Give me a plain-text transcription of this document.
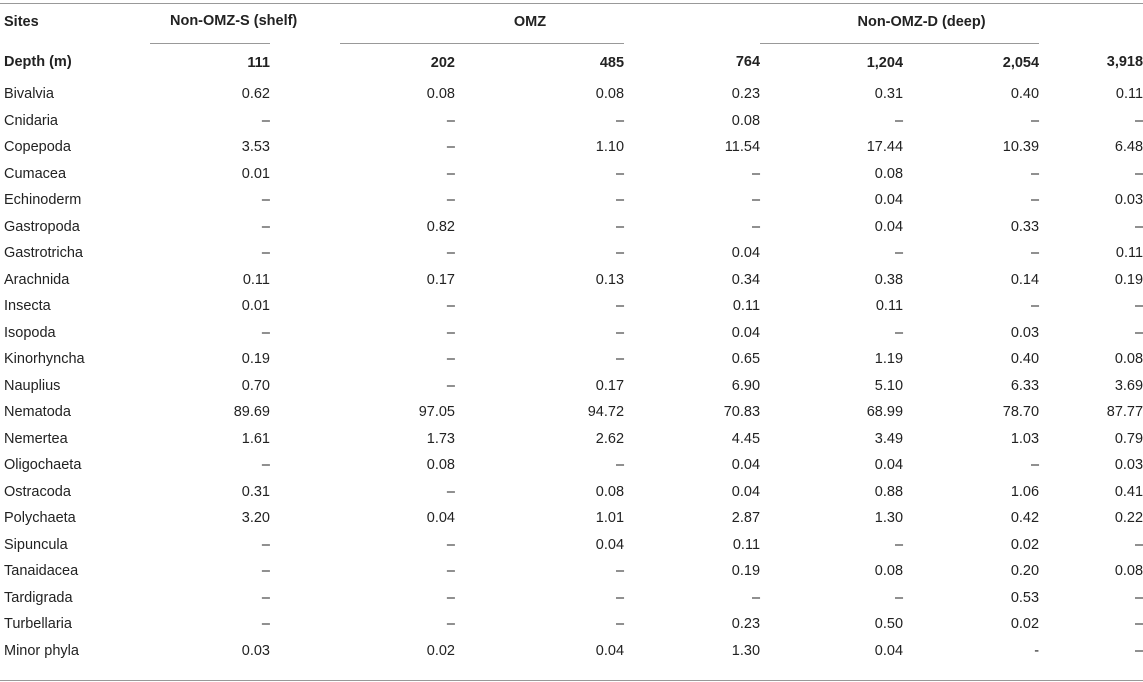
Sites	Non-OMZ-S (shelf)		OMZ				Non-OMZ-D (deep)		
Depth (m)	111		202		485	764		1,204	2,054	3,918
Bivalvia	0.62		0.08		0.08	0.23		0.31	0.40	0.11
Cnidaria	–		–		–	0.08		–	–	–
Copepoda	3.53		–		1.10	11.54		17.44	10.39	6.48
Cumacea	0.01		–		–	–		0.08	–	–
Echinoderm	–		–		–	–		0.04	–	0.03
Gastropoda	–		0.82		–	–		0.04	0.33	–
Gastrotricha	–		–		–	0.04		–	–	0.11
Arachnida	0.11		0.17		0.13	0.34		0.38	0.14	0.19
Insecta	0.01		–		–	0.11		0.11	–	–
Isopoda	–		–		–	0.04		–	0.03	–
Kinorhyncha	0.19		–		–	0.65		1.19	0.40	0.08
Nauplius	0.70		–		0.17	6.90		5.10	6.33	3.69
Nematoda	89.69		97.05		94.72	70.83		68.99	78.70	87.77
Nemertea	1.61		1.73		2.62	4.45		3.49	1.03	0.79
Oligochaeta	–		0.08		–	0.04		0.04	–	0.03
Ostracoda	0.31		–		0.08	0.04		0.88	1.06	0.41
Polychaeta	3.20		0.04		1.01	2.87		1.30	0.42	0.22
Sipuncula	–		–		0.04	0.11		–	0.02	–
Tanaidacea	–		–		–	0.19		0.08	0.20	0.08
Tardigrada	–		–		–	–		–	0.53	–
Turbellaria	–		–		–	0.23		0.50	0.02	–
Minor phyla	0.03		0.02		0.04	1.30		0.04	-	–
